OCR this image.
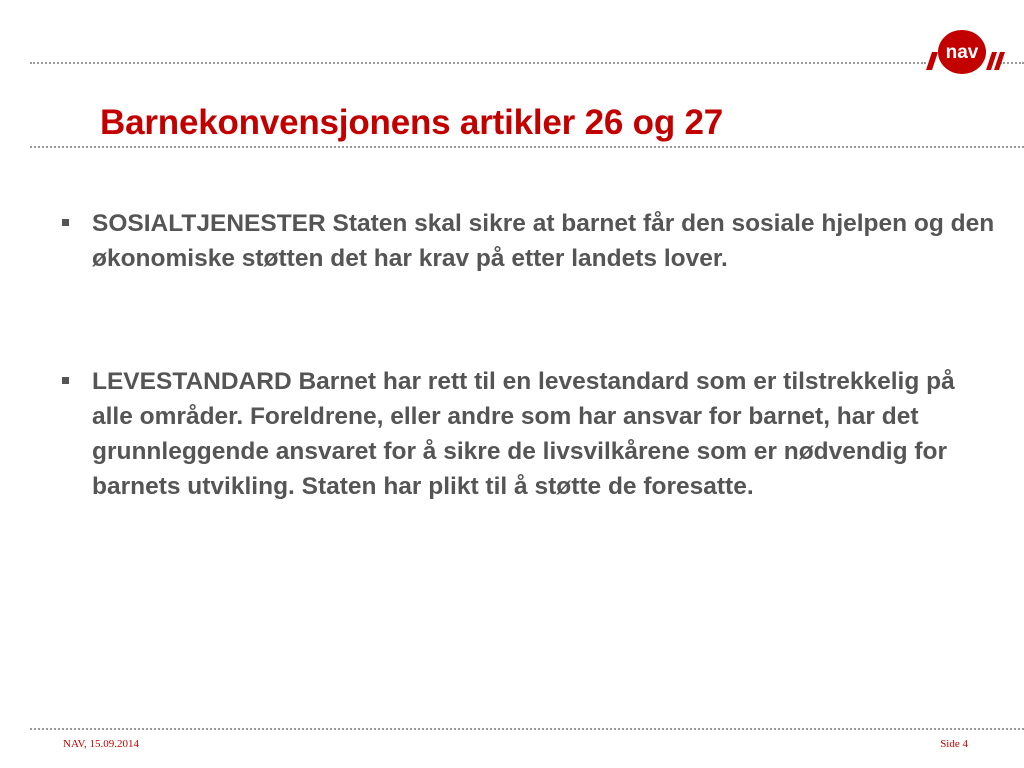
nav
Barnekonvensjonens artikler 26 og 27
SOSIALTJENESTER Staten skal sikre at barnet får den sosiale hjelpen og den økonomiske støtten det har krav på etter landets lover.
LEVESTANDARD Barnet har rett til en levestandard som er tilstrekkelig på alle områder. Foreldrene, eller andre som har ansvar for barnet, har det grunnleggende ansvaret for å sikre de livsvilkårene som er nødvendig for barnets utvikling. Staten har plikt til å støtte de foresatte.
NAV, 15.09.2014	Side 4
